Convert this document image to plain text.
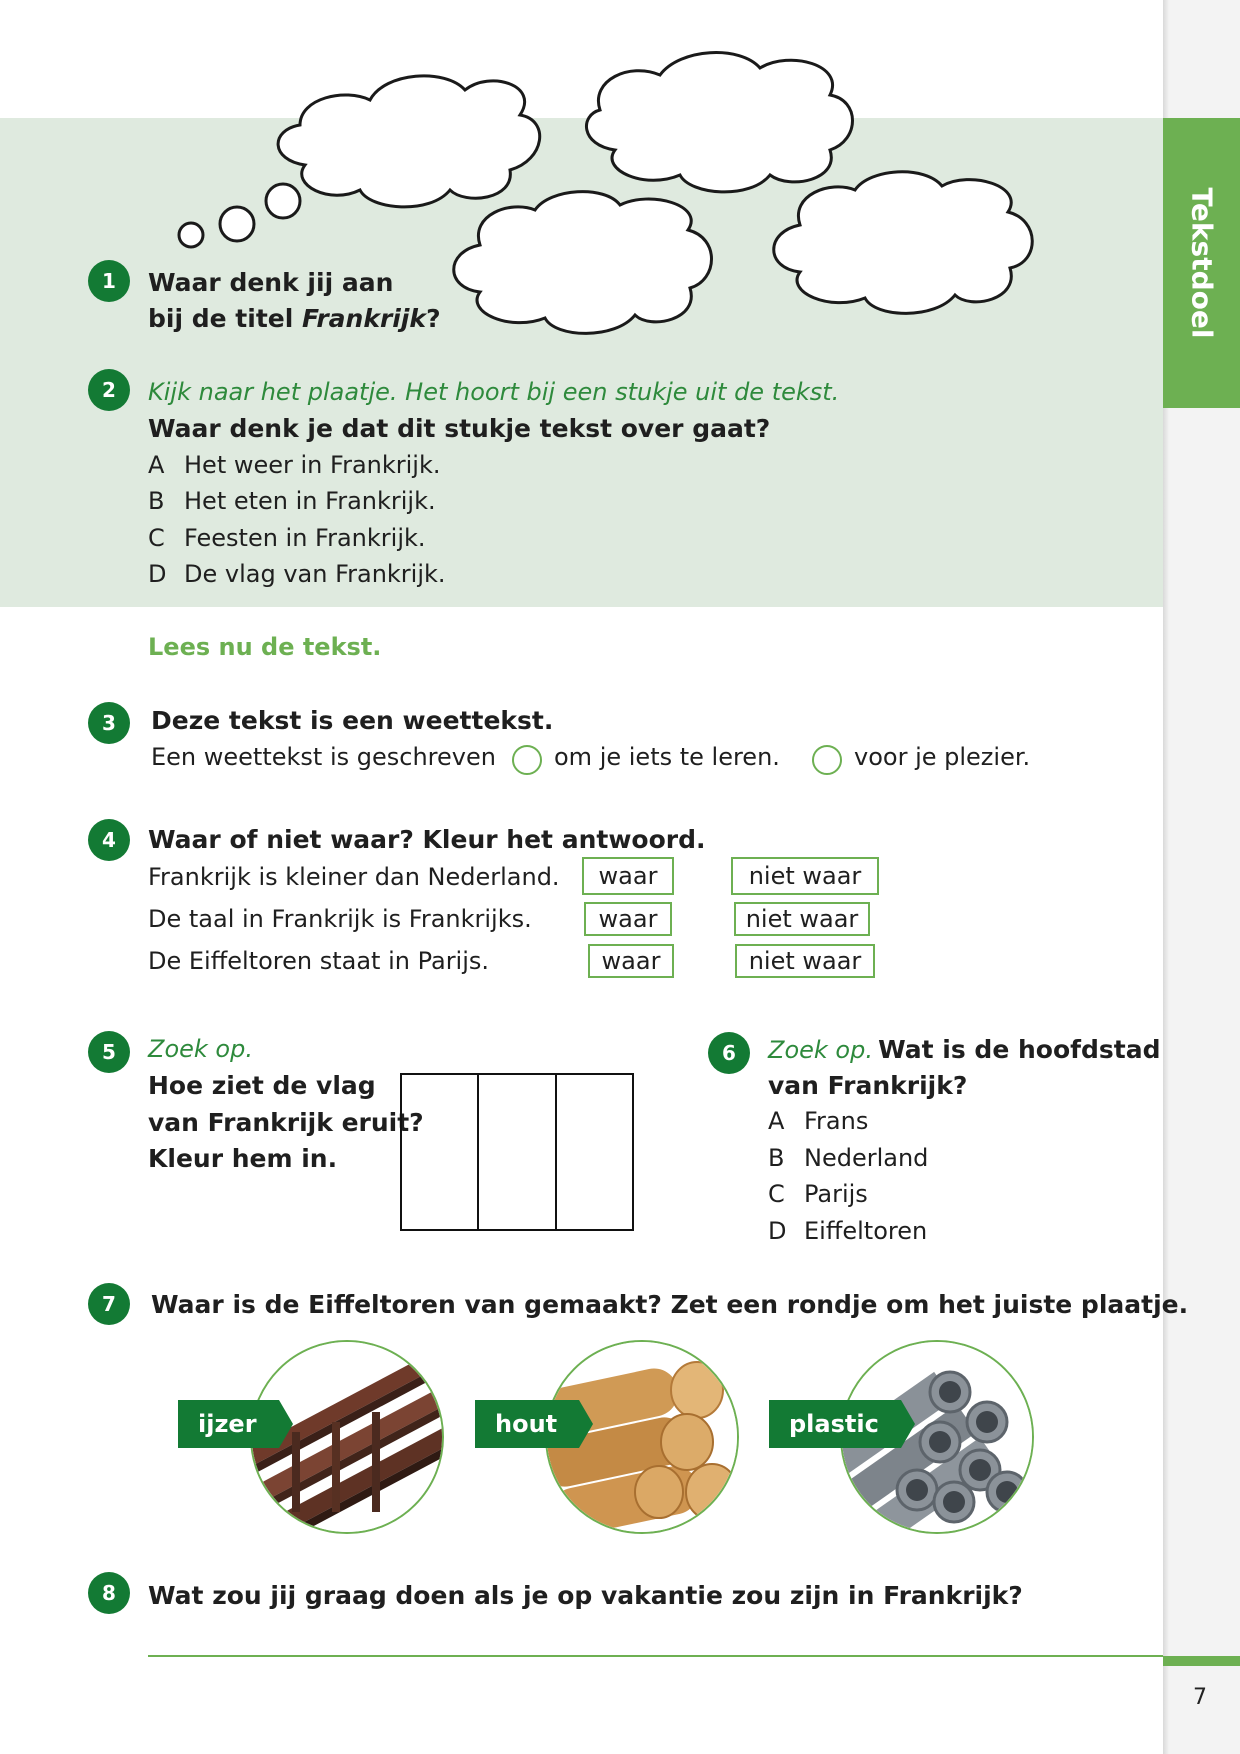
Tekstdoel
7
1	Waar denk jij aan
bij de titel Frankrijk?
2	Kijk naar het plaatje. Het hoort bij een stukje uit de tekst.
Waar denk je dat dit stukje tekst over gaat?
A Het weer in Frankrijk.
B Het eten in Frankrijk.
C Feesten in Frankrijk.
D De vlag van Frankrijk.
Lees nu de tekst.
3	Deze tekst is een weettekst.
Een weettekst is geschreven om je iets te leren.	voor je plezier.
4	Waar of niet waar? Kleur het antwoord.
Frankrijk is kleiner dan Nederland.	waar	niet waar
De taal in Frankrijk is Frankrijks.	waar	niet waar
De Eiffeltoren staat in Parijs.	waar	niet waar
5	Zoek op.
Hoe ziet de vlag
van Frankrijk eruit?
Kleur hem in.
6	Zoek op. Wat is de hoofdstad
van Frankrijk?
A Frans
B Nederland
C Parijs
D Eiffeltoren
7	Waar is de Eiffeltoren van gemaakt? Zet een rondje om het juiste plaatje.
ijzer	hout	plastic
8	Wat zou jij graag doen als je op vakantie zou zijn in Frankrijk?
